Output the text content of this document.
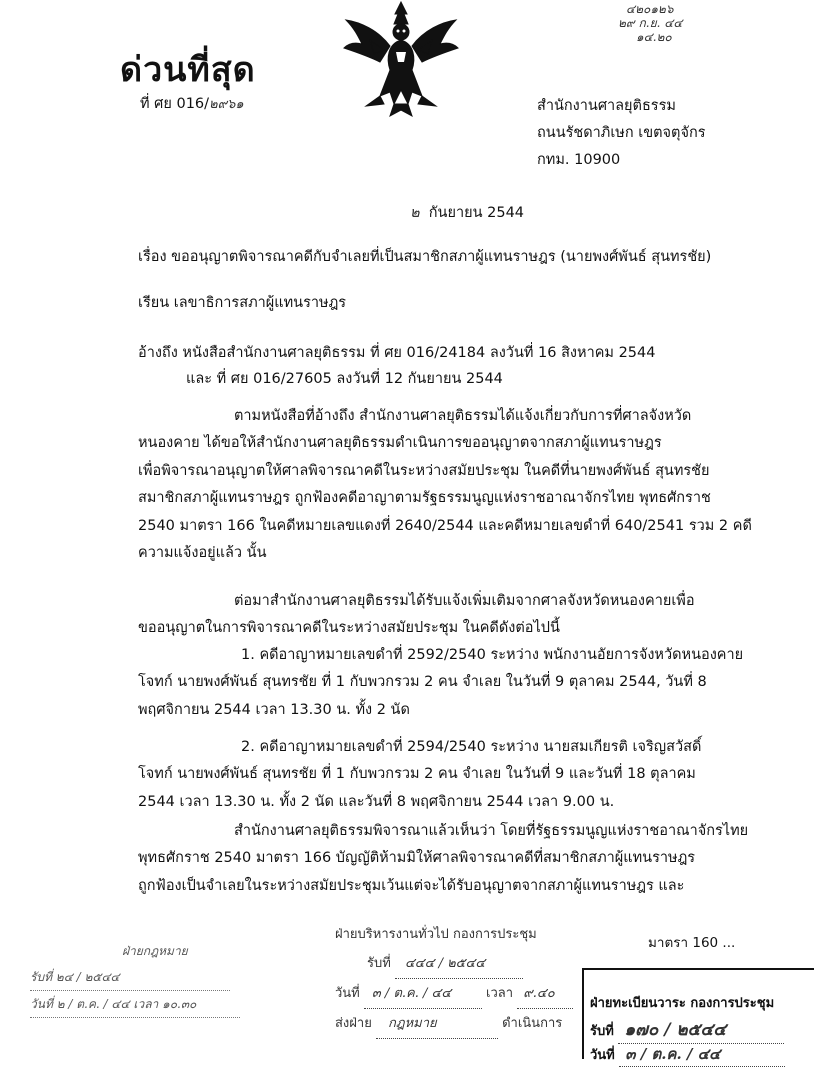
ด่วนที่สุด
ที่ ศย 016/๒๙๖๑
๔๒๐๑๒๖
๒๙ ก.ย. ๔๔
๑๔.๒๐
สำนักงานศาลยุติธรรม
ถนนรัชดาภิเษก เขตจตุจักร
กทม. 10900
๒ กันยายน 2544
เรื่อง ขออนุญาตพิจารณาคดีกับจำเลยที่เป็นสมาชิกสภาผู้แทนราษฎร (นายพงศ์พันธ์ สุนทรชัย)
เรียน เลขาธิการสภาผู้แทนราษฎร
อ้างถึง หนังสือสำนักงานศาลยุติธรรม ที่ ศย 016/24184 ลงวันที่ 16 สิงหาคม 2544
และ ที่ ศย 016/27605 ลงวันที่ 12 กันยายน 2544
ตามหนังสือที่อ้างถึง สำนักงานศาลยุติธรรมได้แจ้งเกี่ยวกับการที่ศาลจังหวัด
หนองคาย ได้ขอให้สำนักงานศาลยุติธรรมดำเนินการขออนุญาตจากสภาผู้แทนราษฎร
เพื่อพิจารณาอนุญาตให้ศาลพิจารณาคดีในระหว่างสมัยประชุม ในคดีที่นายพงศ์พันธ์ สุนทรชัย
สมาชิกสภาผู้แทนราษฎร ถูกฟ้องคดีอาญาตามรัฐธรรมนูญแห่งราชอาณาจักรไทย พุทธศักราช
2540 มาตรา 166 ในคดีหมายเลขแดงที่ 2640/2544 และคดีหมายเลขดำที่ 640/2541 รวม 2 คดี
ความแจ้งอยู่แล้ว นั้น
ต่อมาสำนักงานศาลยุติธรรมได้รับแจ้งเพิ่มเติมจากศาลจังหวัดหนองคายเพื่อ
ขออนุญาตในการพิจารณาคดีในระหว่างสมัยประชุม ในคดีดังต่อไปนี้
1. คดีอาญาหมายเลขดำที่ 2592/2540 ระหว่าง พนักงานอัยการจังหวัดหนองคาย
โจทก์ นายพงศ์พันธ์ สุนทรชัย ที่ 1 กับพวกรวม 2 คน จำเลย ในวันที่ 9 ตุลาคม 2544, วันที่ 8
พฤศจิกายน 2544 เวลา 13.30 น. ทั้ง 2 นัด
2. คดีอาญาหมายเลขดำที่ 2594/2540 ระหว่าง นายสมเกียรติ เจริญสวัสดิ์
โจทก์ นายพงศ์พันธ์ สุนทรชัย ที่ 1 กับพวกรวม 2 คน จำเลย ในวันที่ 9 และวันที่ 18 ตุลาคม
2544 เวลา 13.30 น. ทั้ง 2 นัด และวันที่ 8 พฤศจิกายน 2544 เวลา 9.00 น.
สำนักงานศาลยุติธรรมพิจารณาแล้วเห็นว่า โดยที่รัฐธรรมนูญแห่งราชอาณาจักรไทย
พุทธศักราช 2540 มาตรา 166 บัญญัติห้ามมิให้ศาลพิจารณาคดีที่สมาชิกสภาผู้แทนราษฎร
ถูกฟ้องเป็นจำเลยในระหว่างสมัยประชุมเว้นแต่จะได้รับอนุญาตจากสภาผู้แทนราษฎร และ
มาตรา 160 ...
ฝ่ายกฎหมาย
รับที่ ๒๔ / ๒๕๔๔
วันที่ ๒ / ต.ค. / ๔๔ เวลา ๑๐.๓๐
ฝ่ายบริหารงานทั่วไป กองการประชุม
รับที่ ๔๔๔ / ๒๕๔๔
วันที่ ๓ / ต.ค. / ๔๔	เวลา ๙.๔๐
ส่งฝ่าย กฎหมาย	ดำเนินการ
ฝ่ายทะเบียนวาระ กองการประชุม
รับที่ ๑๗๐ / ๒๕๔๔
วันที่ ๓ / ต.ค. / ๔๔
